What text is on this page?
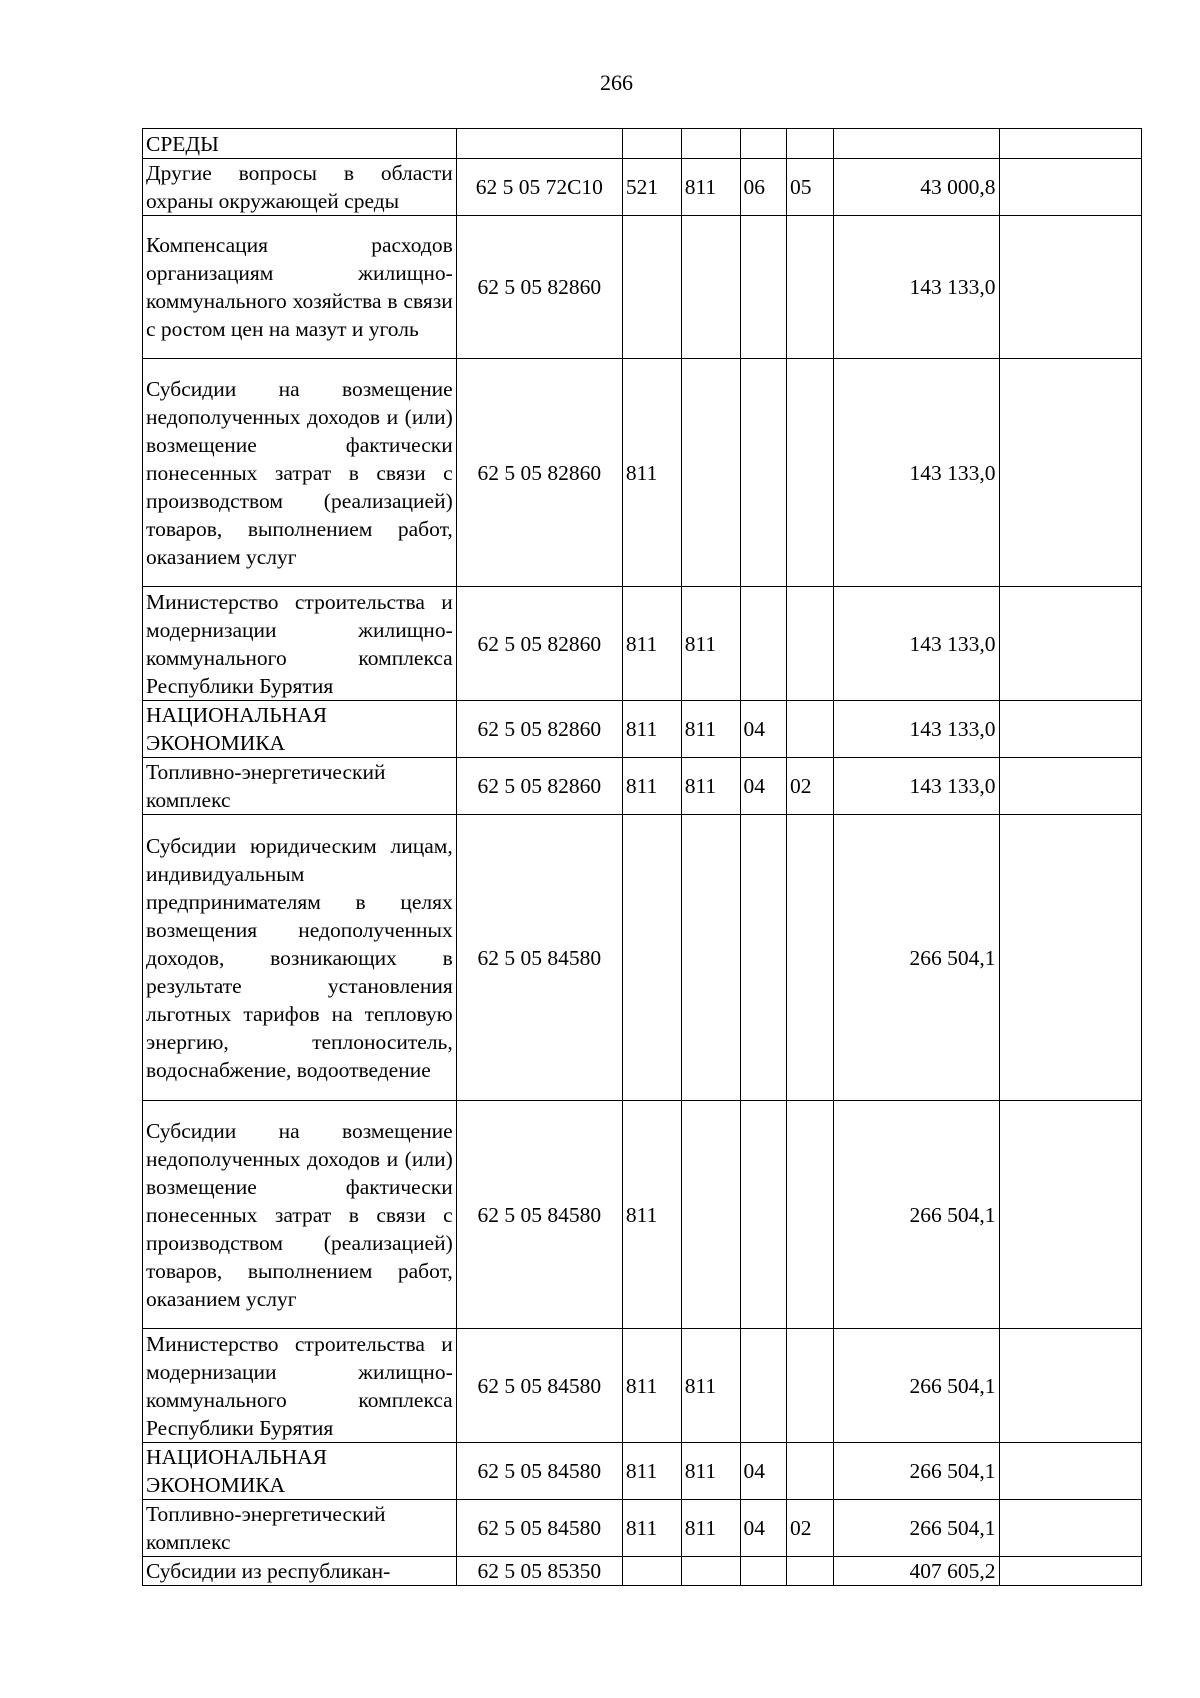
266
СРЕДЫ							
Другие вопросы в области охраны окружающей среды	62 5 05 72С10	521	811	06	05	43 000,8	
Компенсация расходов организациям жилищно-коммунального хозяйства в связи с ростом цен на мазут и уголь	62 5 05 82860					143 133,0	
Субсидии на возмещение недополученных доходов и (или) возмещение фактически понесенных затрат в связи с производством (реализацией) товаров, выполнением работ, оказанием услуг	62 5 05 82860	811				143 133,0	
Министерство строительства и модернизации жилищно-коммунального комплекса Республики Бурятия	62 5 05 82860	811	811			143 133,0	
НАЦИОНАЛЬНАЯ ЭКОНОМИКА	62 5 05 82860	811	811	04		143 133,0	
Топливно-энергетический комплекс	62 5 05 82860	811	811	04	02	143 133,0	
Субсидии юридическим лицам, индивидуальным предпринимателям в целях возмещения недополученных доходов, возникающих в результате установления льготных тарифов на тепловую энергию, теплоноситель, водоснабжение, водоотведение	62 5 05 84580					266 504,1	
Субсидии на возмещение недополученных доходов и (или) возмещение фактически понесенных затрат в связи с производством (реализацией) товаров, выполнением работ, оказанием услуг	62 5 05 84580	811				266 504,1	
Министерство строительства и модернизации жилищно-коммунального комплекса Республики Бурятия	62 5 05 84580	811	811			266 504,1	
НАЦИОНАЛЬНАЯ ЭКОНОМИКА	62 5 05 84580	811	811	04		266 504,1	
Топливно-энергетический комплекс	62 5 05 84580	811	811	04	02	266 504,1	
Субсидии из республикан-	62 5 05 85350					407 605,2	
